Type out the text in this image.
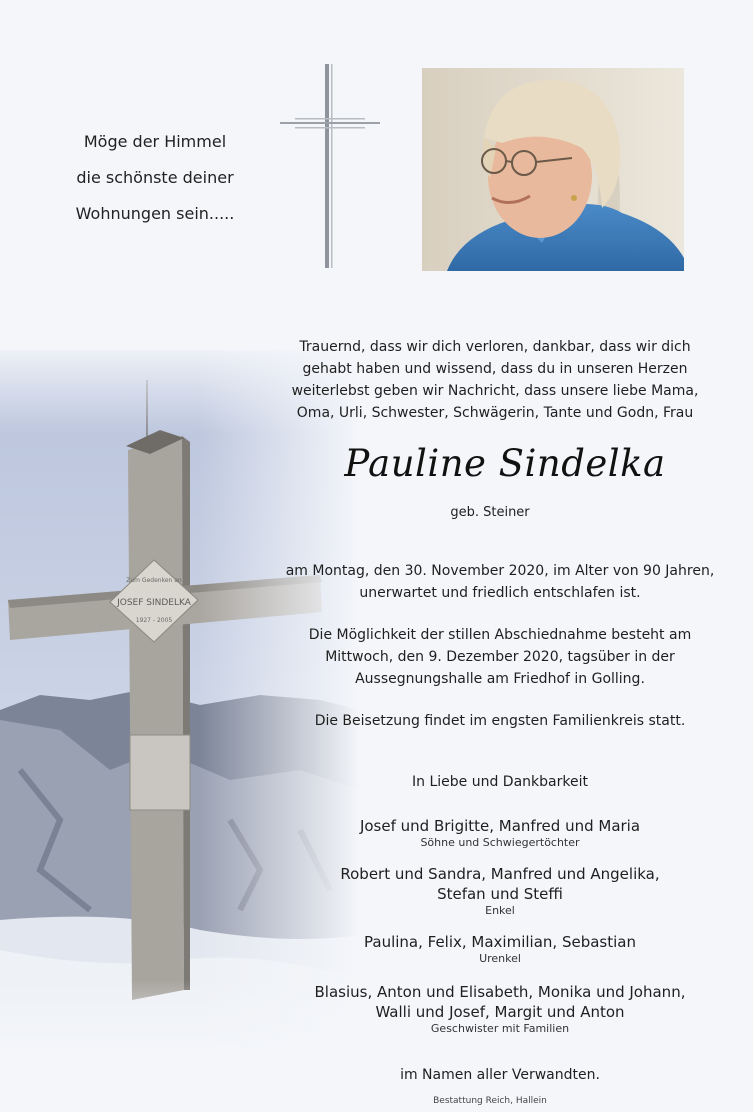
Möge der Himmel
die schönste deiner
Wohnungen sein.....
Trauernd, dass wir dich verloren, dankbar, dass wir dich
gehabt haben und wissend, dass du in unseren Herzen
weiterlebst geben wir Nachricht, dass unsere liebe Mama,
Oma, Urli, Schwester, Schwägerin, Tante und Godn, Frau
Pauline Sindelka
geb. Steiner
am Montag, den 30. November 2020, im Alter von 90 Jahren,
unerwartet und friedlich entschlafen ist.
Die Möglichkeit der stillen Abschiednahme besteht am
Mittwoch, den 9. Dezember 2020, tagsüber in der
Aussegnungshalle am Friedhof in Golling.
Die Beisetzung findet im engsten Familienkreis statt.
In Liebe und Dankbarkeit
Josef und Brigitte, Manfred und Maria
Söhne und Schwiegertöchter
Robert und Sandra, Manfred und Angelika,
Stefan und Steffi
Enkel
Paulina, Felix, Maximilian, Sebastian
Urenkel
Blasius, Anton und Elisabeth, Monika und Johann,
Walli und Josef, Margit und Anton
Geschwister mit Familien
im Namen aller Verwandten.
Bestattung Reich, Hallein
